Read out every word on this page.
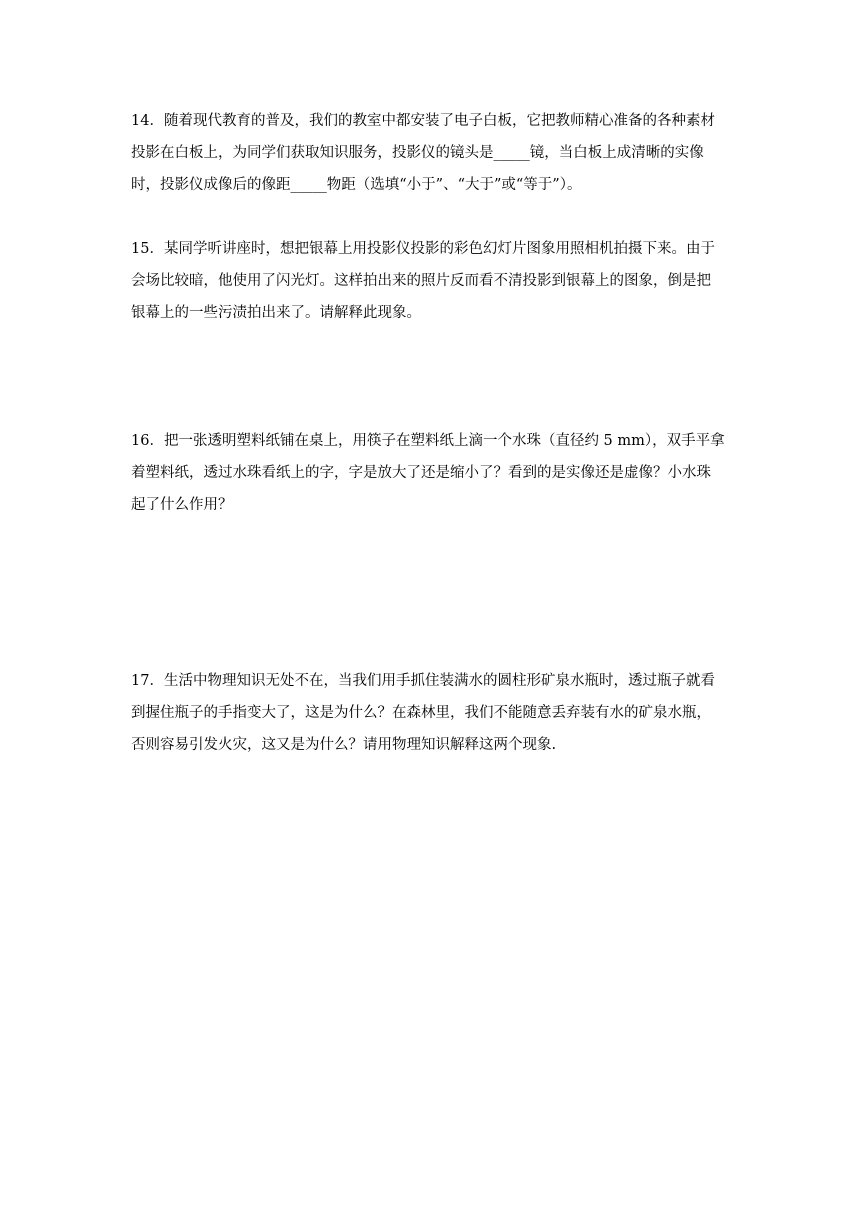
14．随着现代教育的普及，我们的教室中都安装了电子白板，它把教师精心准备的各种素材
投影在白板上，为同学们获取知识服务，投影仪的镜头是_____镜，当白板上成清晰的实像
时，投影仪成像后的像距_____物距（选填“小于”、“大于”或“等于”）。
15．某同学听讲座时，想把银幕上用投影仪投影的彩色幻灯片图象用照相机拍摄下来。由于
会场比较暗，他使用了闪光灯。这样拍出来的照片反而看不清投影到银幕上的图象，倒是把
银幕上的一些污渍拍出来了。请解释此现象。
16．把一张透明塑料纸铺在桌上，用筷子在塑料纸上滴一个水珠（直径约 5 mm），双手平拿
着塑料纸，透过水珠看纸上的字，字是放大了还是缩小了？看到的是实像还是虚像？小水珠
起了什么作用？
17．生活中物理知识无处不在，当我们用手抓住装满水的圆柱形矿泉水瓶时，透过瓶子就看
到握住瓶子的手指变大了，这是为什么？在森林里，我们不能随意丢弃装有水的矿泉水瓶，
否则容易引发火灾，这又是为什么？请用物理知识解释这两个现象.
